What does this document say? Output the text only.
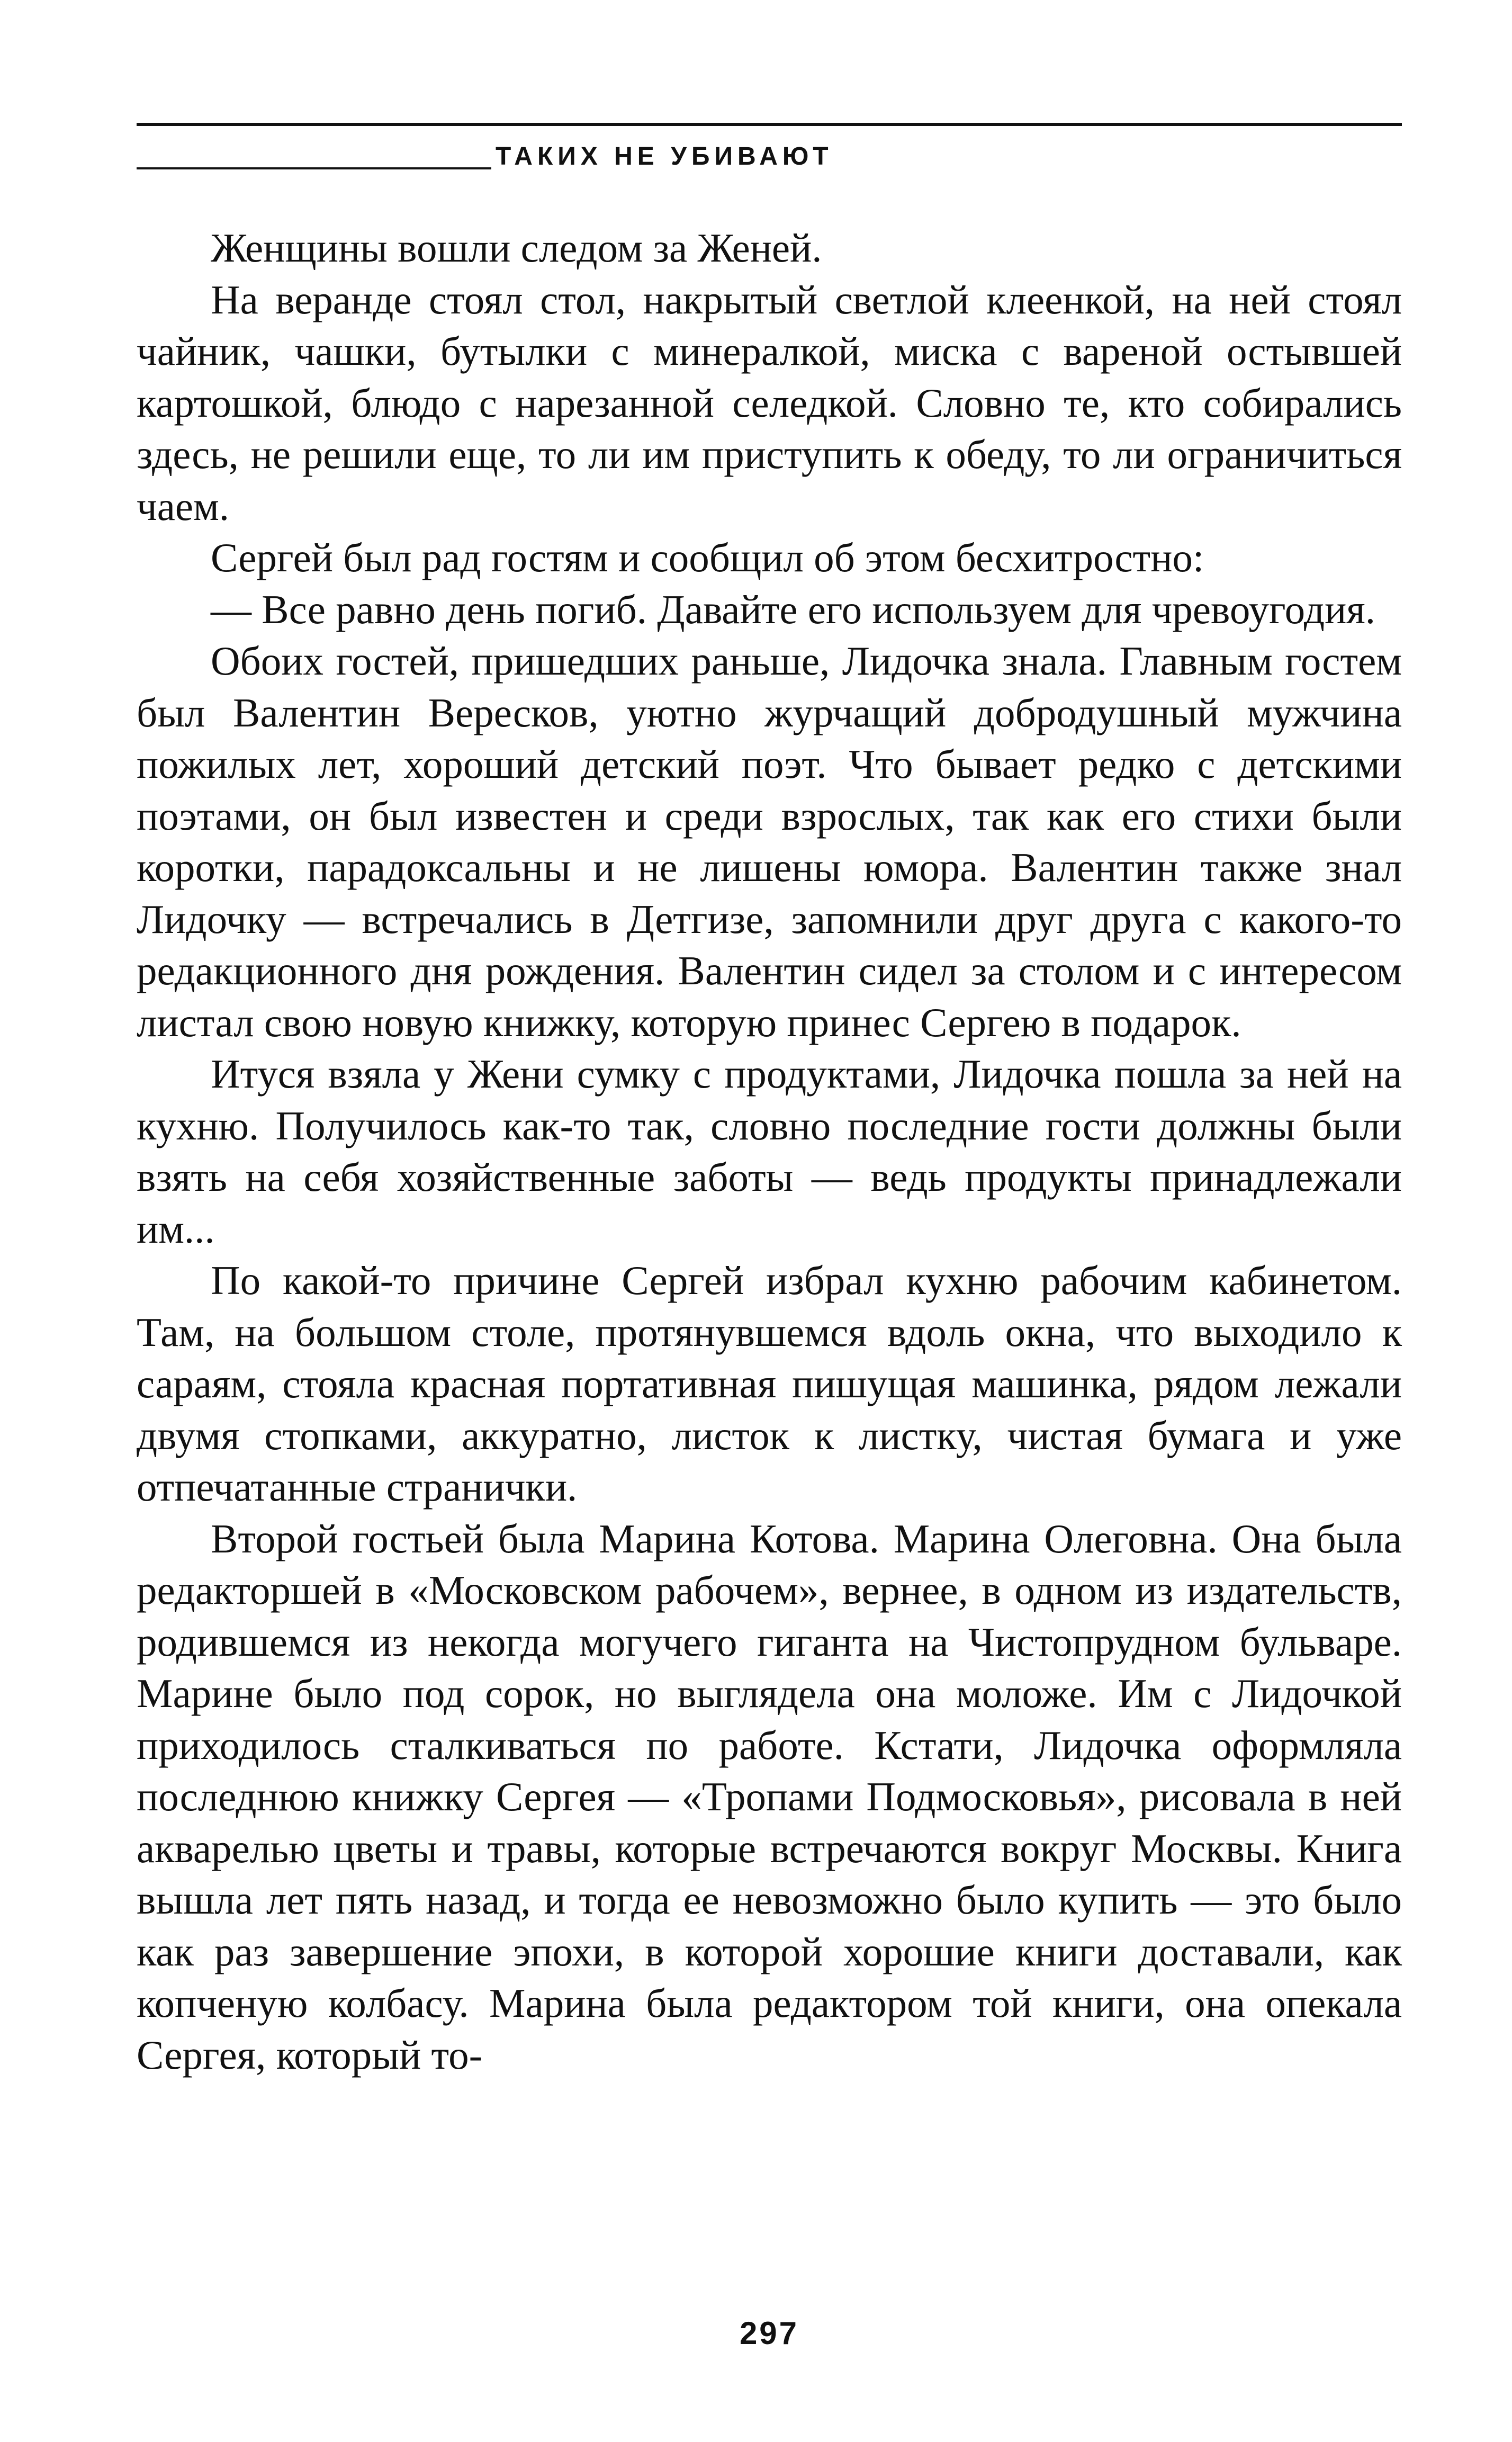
ТАКИХ НЕ УБИВАЮТ

Женщины вошли следом за Женей.

На веранде стоял стол, накрытый светлой клеенкой, на ней стоял чайник, чашки, бутылки с минералкой, миска с вареной остывшей картошкой, блюдо с нарезанной селедкой. Словно те, кто собирались здесь, не решили еще, то ли им приступить к обеду, то ли ограничиться чаем.

Сергей был рад гостям и сообщил об этом бесхитростно:

— Все равно день погиб. Давайте его используем для чревоугодия.

Обоих гостей, пришедших раньше, Лидочка знала. Главным гостем был Валентин Вересков, уютно журчащий добродушный мужчина пожилых лет, хороший детский поэт. Что бывает редко с детскими поэтами, он был известен и среди взрослых, так как его стихи были коротки, парадоксальны и не лишены юмора. Валентин также знал Лидочку — встречались в Детгизе, запомнили друг друга с какого-то редакционного дня рождения. Валентин сидел за столом и с интересом листал свою новую книжку, которую принес Сергею в подарок.

Итуся взяла у Жени сумку с продуктами, Лидочка пошла за ней на кухню. Получилось как-то так, словно последние гости должны были взять на себя хозяйственные заботы — ведь продукты принадлежали им...

По какой-то причине Сергей избрал кухню рабочим кабинетом. Там, на большом столе, протянувшемся вдоль окна, что выходило к сараям, стояла красная портативная пишущая машинка, рядом лежали двумя стопками, аккуратно, листок к листку, чистая бумага и уже отпечатанные странички.

Второй гостьей была Марина Котова. Марина Олеговна. Она была редакторшей в «Московском рабочем», вернее, в одном из издательств, родившемся из некогда могучего гиганта на Чистопрудном бульваре. Марине было под сорок, но выглядела она моложе. Им с Лидочкой приходилось сталкиваться по работе. Кстати, Лидочка оформляла последнюю книжку Сергея — «Тропами Подмосковья», рисовала в ней акварелью цветы и травы, которые встречаются вокруг Москвы. Книга вышла лет пять назад, и тогда ее невозможно было купить — это было как раз завершение эпохи, в которой хорошие книги доставали, как копченую колбасу. Марина была редактором той книги, она опекала Сергея, который то-

297
